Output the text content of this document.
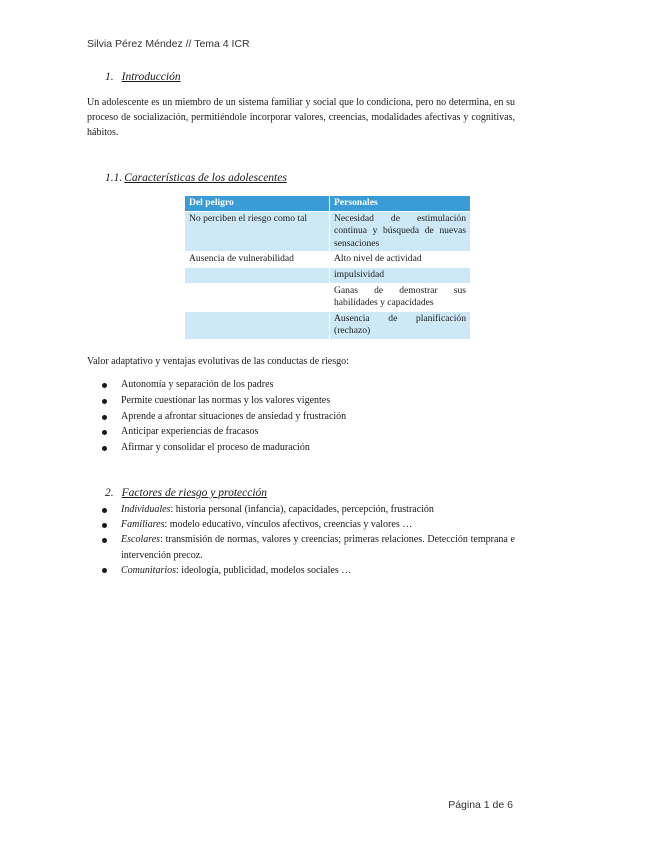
Silvia Pérez Méndez // Tema 4 ICR
1. Introducción
Un adolescente es un miembro de un sistema familiar y social que lo condiciona, pero no determina, en su proceso de socialización, permitiéndole incorporar valores, creencias, modalidades afectivas y cognitivas, hábitos.
1.1. Características de los adolescentes
Del peligro	Personales
No perciben el riesgo como tal	Necesidad de estimulación continua y búsqueda de nuevas sensaciones
Ausencia de vulnerabilidad	Alto nivel de actividad
	impulsividad
	Ganas de demostrar sus habilidades y capacidades
	Ausencia de planificación (rechazo)
Valor adaptativo y ventajas evolutivas de las conductas de riesgo:
Autonomía y separación de los padres
Permite cuestionar las normas y los valores vigentes
Aprende a afrontar situaciones de ansiedad y frustración
Anticipar experiencias de fracasos
Afirmar y consolidar el proceso de maduración
2. Factores de riesgo y protección
Individuales: historia personal (infancia), capacidades, percepción, frustración
Familiares: modelo educativo, vínculos afectivos, creencias y valores …
Escolares: transmisión de normas, valores y creencias; primeras relaciones. Detección temprana e intervención precoz.
Comunitarios: ideología, publicidad, modelos sociales …
Página 1 de 6
